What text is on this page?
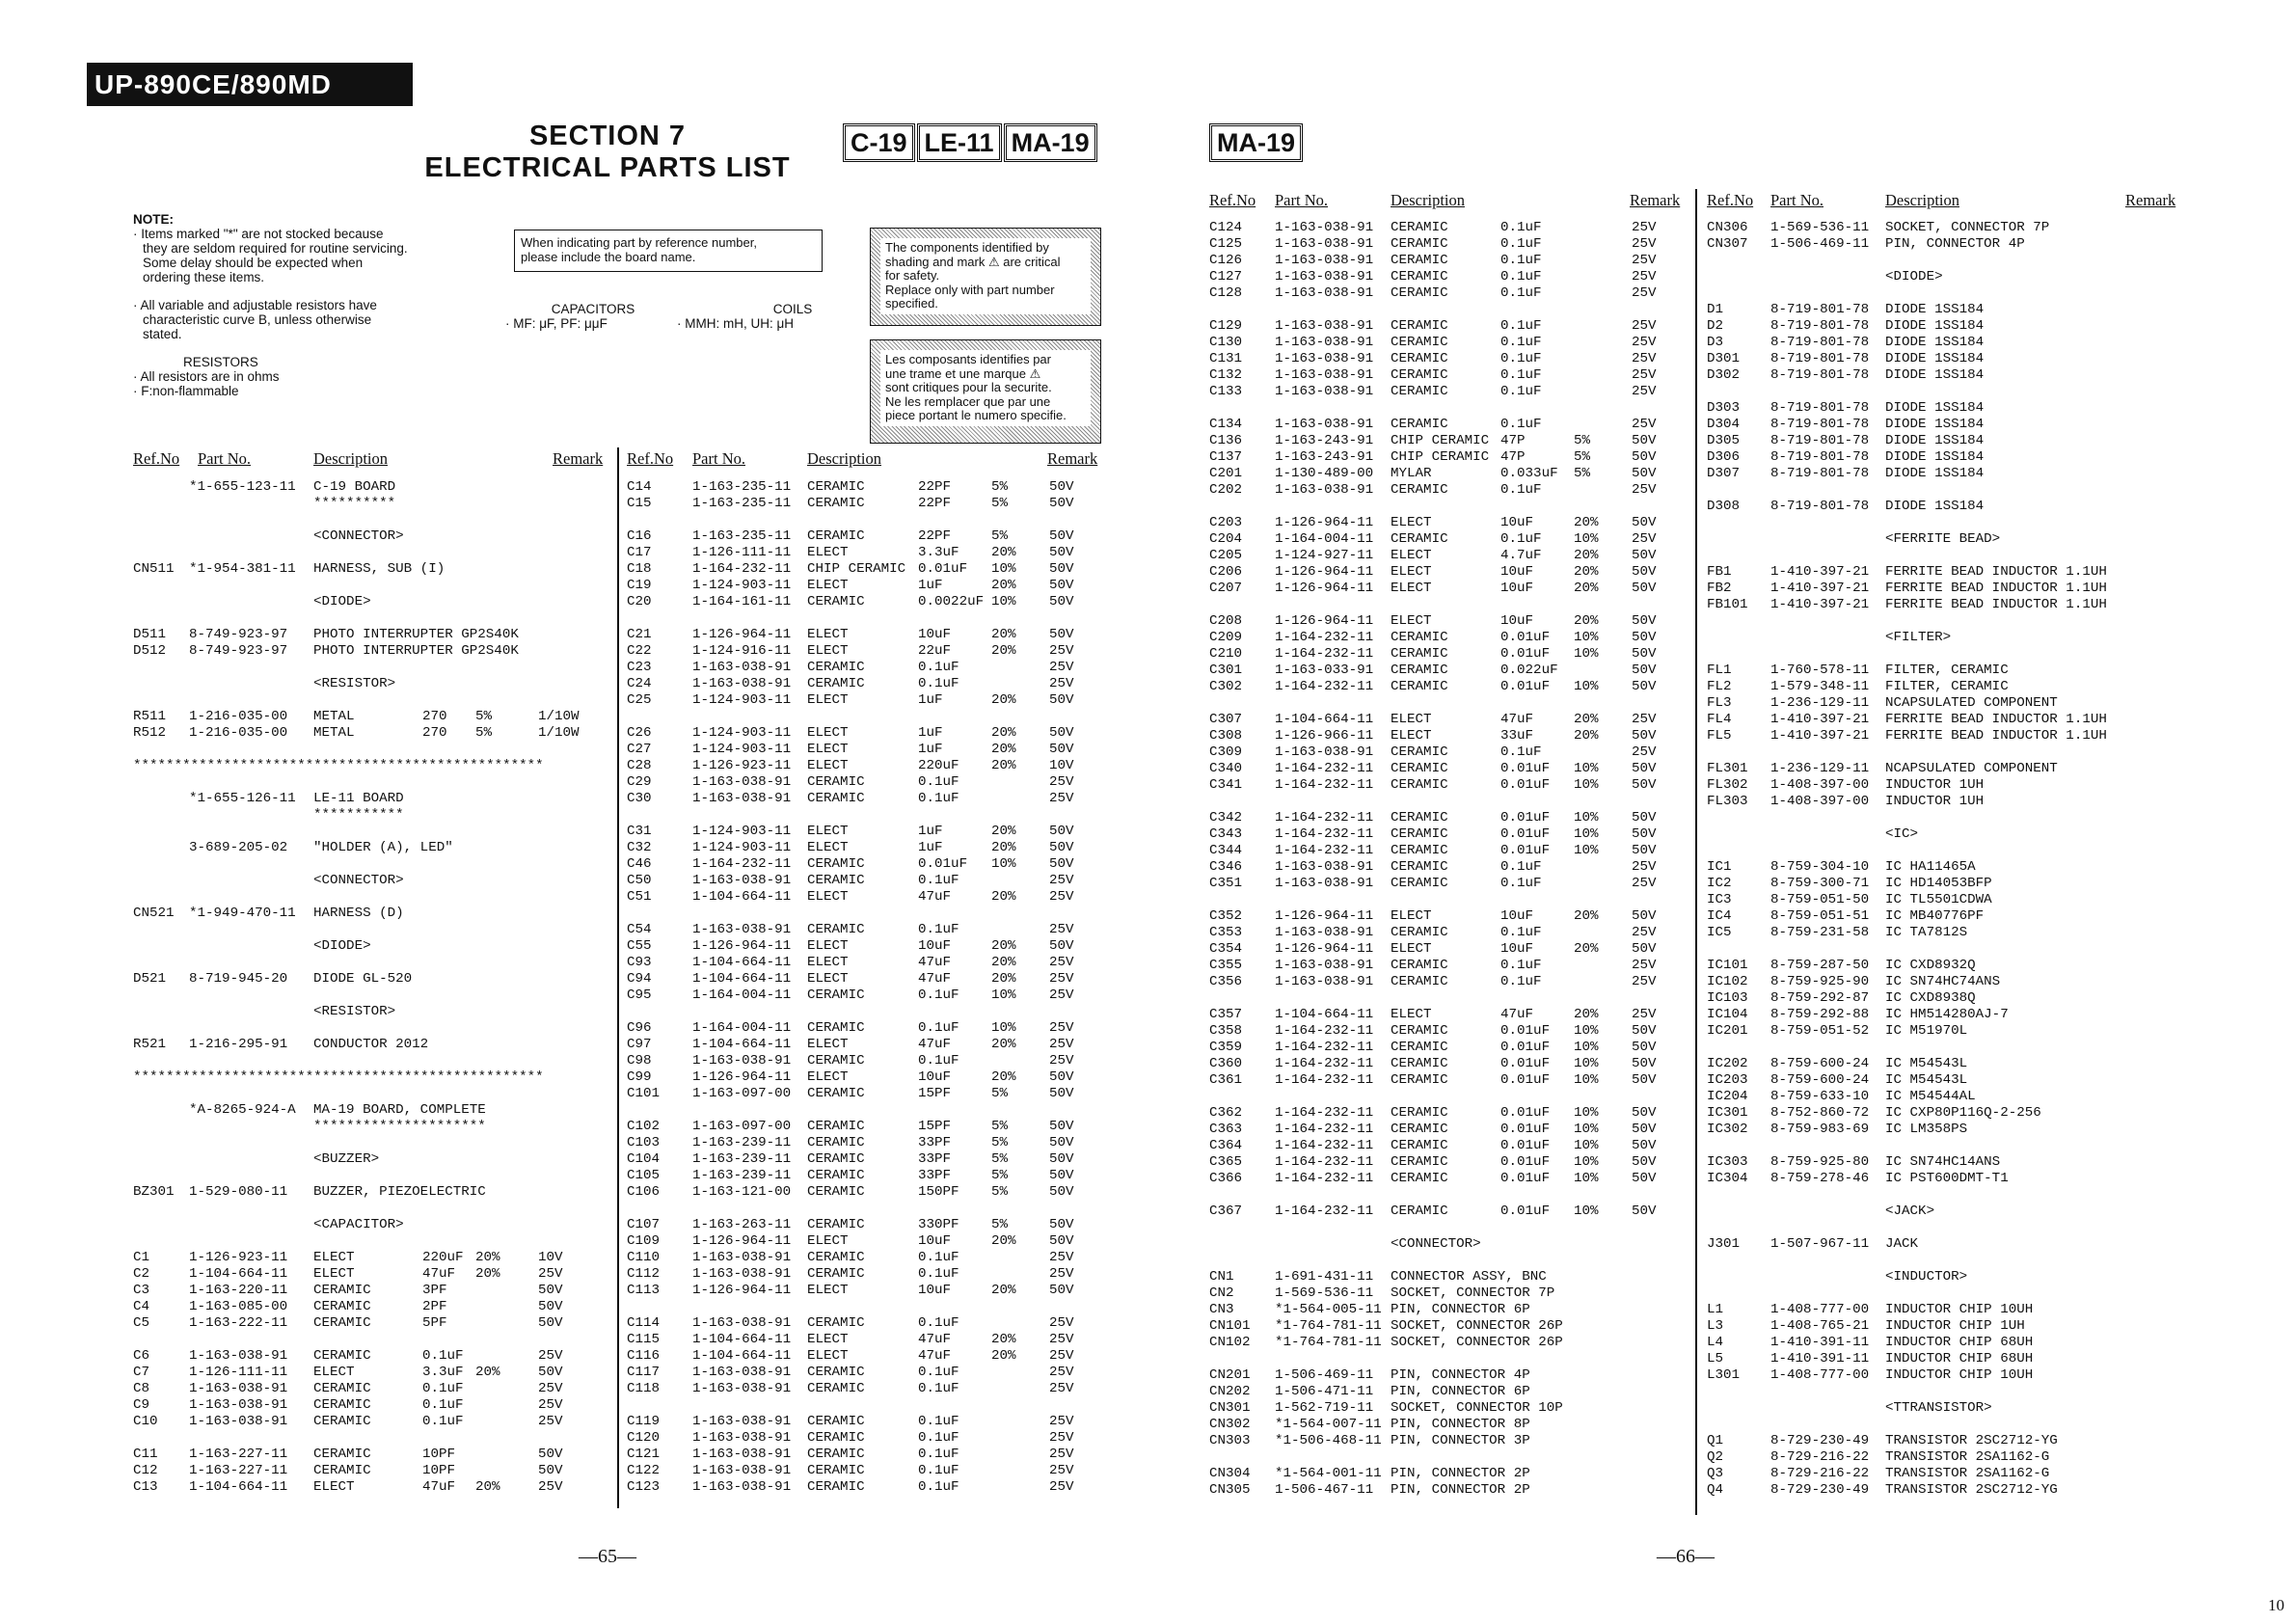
UP-890CE/890MD
SECTION 7
ELECTRICAL PARTS LIST
C-19 LE-11 MA-19	MA-19
NOTE:
· Items marked "*" are not stocked because
they are seldom required for routine servicing.
Some delay should be expected when
ordering these items.
· All variable and adjustable resistors have
characteristic curve B, unless otherwise
stated.
RESISTORS
· All resistors are in ohms
· F:non-flammable
When indicating part by reference number,
please include the board name.
CAPACITORS
· MF: μF, PF: μμF
COILS
· MMH: mH, UH: μH
The components identified by
shading and mark ⚠ are critical
for safety.
Replace only with part number
specified.
Les composants identifies par
une trame et une marque ⚠
sont critiques pour la securite.
Ne les remplacer que par une
piece portant le numero specifie.
Ref.No Part No.	Description	Remark Ref.No Part No.	Description	Remark
Ref.No Part No.	Description	Remark Ref.No Part No.	Description	Remark
*1-655-123-11 C-19 BOARD
**********
<CONNECTOR>
CN511 *1-954-381-11 HARNESS, SUB (I)
<DIODE>
D511 8-749-923-97 PHOTO INTERRUPTER GP2S40K
D512 8-749-923-97 PHOTO INTERRUPTER GP2S40K
<RESISTOR>
R511 1-216-035-00 METAL	270 5%	1/10W
R512 1-216-035-00 METAL	270 5%	1/10W
**************************************************
*1-655-126-11 LE-11 BOARD
***********
3-689-205-02 "HOLDER (A), LED"
<CONNECTOR>
CN521 *1-949-470-11 HARNESS (D)
<DIODE>
D521 8-719-945-20 DIODE GL-520
<RESISTOR>
R521 1-216-295-91 CONDUCTOR 2012
**************************************************
*A-8265-924-A MA-19 BOARD, COMPLETE
*********************
<BUZZER>
BZ301 1-529-080-11 BUZZER, PIEZOELECTRIC
<CAPACITOR>
C1	1-126-923-11 ELECT	220uF 20%	10V
C2	1-104-664-11 ELECT	47uF 20%	25V
C3	1-163-220-11 CERAMIC	3PF	50V
C4	1-163-085-00 CERAMIC	2PF	50V
C5	1-163-222-11 CERAMIC	5PF	50V
C6	1-163-038-91 CERAMIC	0.1uF	25V
C7	1-126-111-11 ELECT	3.3uF 20%	50V
C8	1-163-038-91 CERAMIC	0.1uF	25V
C9	1-163-038-91 CERAMIC	0.1uF	25V
C10 1-163-038-91 CERAMIC	0.1uF	25V
C11 1-163-227-11 CERAMIC	10PF	50V
C12 1-163-227-11 CERAMIC	10PF	50V
C13 1-104-664-11 ELECT	47uF 20%	25V
C14	1-163-235-11 CERAMIC	22PF	5%	50V
C15	1-163-235-11 CERAMIC	22PF	5%	50V
C16	1-163-235-11 CERAMIC	22PF	5%	50V
C17	1-126-111-11 ELECT	3.3uF 20% 50V
C18	1-164-232-11 CHIP CERAMIC 0.01uF 10% 50V
C19	1-124-903-11 ELECT	1uF	20% 50V
C20	1-164-161-11 CERAMIC	0.0022uF 10% 50V
C21	1-126-964-11 ELECT	10uF	20% 50V
C22	1-124-916-11 ELECT	22uF	20% 25V
C23	1-163-038-91 CERAMIC	0.1uF	25V
C24	1-163-038-91 CERAMIC	0.1uF	25V
C25	1-124-903-11 ELECT	1uF	20% 50V
C26	1-124-903-11 ELECT	1uF	20% 50V
C27	1-124-903-11 ELECT	1uF	20% 50V
C28	1-126-923-11 ELECT	220uF 20% 10V
C29	1-163-038-91 CERAMIC	0.1uF	25V
C30	1-163-038-91 CERAMIC	0.1uF	25V
C31	1-124-903-11 ELECT	1uF	20% 50V
C32	1-124-903-11 ELECT	1uF	20% 50V
C46	1-164-232-11 CERAMIC	0.01uF 10% 50V
C50	1-163-038-91 CERAMIC	0.1uF	25V
C51	1-104-664-11 ELECT	47uF	20% 25V
C54	1-163-038-91 CERAMIC	0.1uF	25V
C55	1-126-964-11 ELECT	10uF	20% 50V
C93	1-104-664-11 ELECT	47uF	20% 25V
C94	1-104-664-11 ELECT	47uF	20% 25V
C95	1-164-004-11 CERAMIC	0.1uF 10% 25V
C96	1-164-004-11 CERAMIC	0.1uF 10% 25V
C97	1-104-664-11 ELECT	47uF	20% 25V
C98	1-163-038-91 CERAMIC	0.1uF	25V
C99	1-126-964-11 ELECT	10uF	20% 50V
C101 1-163-097-00 CERAMIC	15PF	5%	50V
C102 1-163-097-00 CERAMIC	15PF	5%	50V
C103 1-163-239-11 CERAMIC	33PF	5%	50V
C104 1-163-239-11 CERAMIC	33PF	5%	50V
C105 1-163-239-11 CERAMIC	33PF	5%	50V
C106 1-163-121-00 CERAMIC	150PF 5%	50V
C107 1-163-263-11 CERAMIC	330PF 5%	50V
C109 1-126-964-11 ELECT	10uF	20% 50V
C110 1-163-038-91 CERAMIC	0.1uF	25V
C112 1-163-038-91 CERAMIC	0.1uF	25V
C113 1-126-964-11 ELECT	10uF	20% 50V
C114 1-163-038-91 CERAMIC	0.1uF	25V
C115 1-104-664-11 ELECT	47uF	20% 25V
C116 1-104-664-11 ELECT	47uF	20% 25V
C117 1-163-038-91 CERAMIC	0.1uF	25V
C118 1-163-038-91 CERAMIC	0.1uF	25V
C119 1-163-038-91 CERAMIC	0.1uF	25V
C120 1-163-038-91 CERAMIC	0.1uF	25V
C121 1-163-038-91 CERAMIC	0.1uF	25V
C122 1-163-038-91 CERAMIC	0.1uF	25V
C123 1-163-038-91 CERAMIC	0.1uF	25V
C124 1-163-038-91 CERAMIC	0.1uF	25V
C125 1-163-038-91 CERAMIC	0.1uF	25V
C126 1-163-038-91 CERAMIC	0.1uF	25V
C127 1-163-038-91 CERAMIC	0.1uF	25V
C128 1-163-038-91 CERAMIC	0.1uF	25V
C129 1-163-038-91 CERAMIC	0.1uF	25V
C130 1-163-038-91 CERAMIC	0.1uF	25V
C131 1-163-038-91 CERAMIC	0.1uF	25V
C132 1-163-038-91 CERAMIC	0.1uF	25V
C133 1-163-038-91 CERAMIC	0.1uF	25V
C134 1-163-038-91 CERAMIC	0.1uF	25V
C136 1-163-243-91 CHIP CERAMIC 47P	5%	50V
C137 1-163-243-91 CHIP CERAMIC 47P	5%	50V
C201 1-130-489-00 MYLAR	0.033uF 5%	50V
C202 1-163-038-91 CERAMIC	0.1uF	25V
C203 1-126-964-11 ELECT	10uF	20% 50V
C204 1-164-004-11 CERAMIC	0.1uF 10% 25V
C205 1-124-927-11 ELECT	4.7uF 20% 50V
C206 1-126-964-11 ELECT	10uF	20% 50V
C207 1-126-964-11 ELECT	10uF	20% 50V
C208 1-126-964-11 ELECT	10uF	20% 50V
C209 1-164-232-11 CERAMIC	0.01uF 10% 50V
C210 1-164-232-11 CERAMIC	0.01uF 10% 50V
C301 1-163-033-91 CERAMIC	0.022uF	50V
C302 1-164-232-11 CERAMIC	0.01uF 10% 50V
C307 1-104-664-11 ELECT	47uF	20% 25V
C308 1-126-966-11 ELECT	33uF	20% 50V
C309 1-163-038-91 CERAMIC	0.1uF	25V
C340 1-164-232-11 CERAMIC	0.01uF 10% 50V
C341 1-164-232-11 CERAMIC	0.01uF 10% 50V
C342 1-164-232-11 CERAMIC	0.01uF 10% 50V
C343 1-164-232-11 CERAMIC	0.01uF 10% 50V
C344 1-164-232-11 CERAMIC	0.01uF 10% 50V
C346 1-163-038-91 CERAMIC	0.1uF	25V
C351 1-163-038-91 CERAMIC	0.1uF	25V
C352 1-126-964-11 ELECT	10uF	20% 50V
C353 1-163-038-91 CERAMIC	0.1uF	25V
C354 1-126-964-11 ELECT	10uF	20% 50V
C355 1-163-038-91 CERAMIC	0.1uF	25V
C356 1-163-038-91 CERAMIC	0.1uF	25V
C357 1-104-664-11 ELECT	47uF	20% 25V
C358 1-164-232-11 CERAMIC	0.01uF 10% 50V
C359 1-164-232-11 CERAMIC	0.01uF 10% 50V
C360 1-164-232-11 CERAMIC	0.01uF 10% 50V
C361 1-164-232-11 CERAMIC	0.01uF 10% 50V
C362 1-164-232-11 CERAMIC	0.01uF 10% 50V
C363 1-164-232-11 CERAMIC	0.01uF 10% 50V
C364 1-164-232-11 CERAMIC	0.01uF 10% 50V
C365 1-164-232-11 CERAMIC	0.01uF 10% 50V
C366 1-164-232-11 CERAMIC	0.01uF 10% 50V
C367 1-164-232-11 CERAMIC	0.01uF 10% 50V
<CONNECTOR>
CN1	1-691-431-11 CONNECTOR ASSY, BNC
CN2	1-569-536-11 SOCKET, CONNECTOR 7P
CN3	*1-564-005-11 PIN, CONNECTOR 6P
CN101 *1-764-781-11 SOCKET, CONNECTOR 26P
CN102 *1-764-781-11 SOCKET, CONNECTOR 26P
CN201 1-506-469-11 PIN, CONNECTOR 4P
CN202 1-506-471-11 PIN, CONNECTOR 6P
CN301 1-562-719-11 SOCKET, CONNECTOR 10P
CN302 *1-564-007-11 PIN, CONNECTOR 8P
CN303 *1-506-468-11 PIN, CONNECTOR 3P
CN304 *1-564-001-11 PIN, CONNECTOR 2P
CN305 1-506-467-11 PIN, CONNECTOR 2P
CN306 1-569-536-11 SOCKET, CONNECTOR 7P
CN307 1-506-469-11 PIN, CONNECTOR 4P
<DIODE>
D1	8-719-801-78 DIODE 1SS184
D2	8-719-801-78 DIODE 1SS184
D3	8-719-801-78 DIODE 1SS184
D301 8-719-801-78 DIODE 1SS184
D302 8-719-801-78 DIODE 1SS184
D303 8-719-801-78 DIODE 1SS184
D304 8-719-801-78 DIODE 1SS184
D305 8-719-801-78 DIODE 1SS184
D306 8-719-801-78 DIODE 1SS184
D307 8-719-801-78 DIODE 1SS184
D308 8-719-801-78 DIODE 1SS184
<FERRITE BEAD>
FB1	1-410-397-21 FERRITE BEAD INDUCTOR 1.1UH
FB2	1-410-397-21 FERRITE BEAD INDUCTOR 1.1UH
FB101 1-410-397-21 FERRITE BEAD INDUCTOR 1.1UH
<FILTER>
FL1	1-760-578-11 FILTER, CERAMIC
FL2	1-579-348-11 FILTER, CERAMIC
FL3	1-236-129-11 NCAPSULATED COMPONENT
FL4	1-410-397-21 FERRITE BEAD INDUCTOR 1.1UH
FL5	1-410-397-21 FERRITE BEAD INDUCTOR 1.1UH
FL301 1-236-129-11 NCAPSULATED COMPONENT
FL302 1-408-397-00 INDUCTOR 1UH
FL303 1-408-397-00 INDUCTOR 1UH
<IC>
IC1	8-759-304-10 IC HA11465A
IC2	8-759-300-71 IC HD14053BFP
IC3	8-759-051-50 IC TL5501CDWA
IC4	8-759-051-51 IC MB40776PF
IC5	8-759-231-58 IC TA7812S
IC101 8-759-287-50 IC CXD8932Q
IC102 8-759-925-90 IC SN74HC74ANS
IC103 8-759-292-87 IC CXD8938Q
IC104 8-759-292-88 IC HM514280AJ-7
IC201 8-759-051-52 IC M51970L
IC202 8-759-600-24 IC M54543L
IC203 8-759-600-24 IC M54543L
IC204 8-759-633-10 IC M54544AL
IC301 8-752-860-72 IC CXP80P116Q-2-256
IC302 8-759-983-69 IC LM358PS
IC303 8-759-925-80 IC SN74HC14ANS
IC304 8-759-278-46 IC PST600DMT-T1
<JACK>
J301 1-507-967-11 JACK
<INDUCTOR>
L1	1-408-777-00 INDUCTOR CHIP 10UH
L3	1-408-765-21 INDUCTOR CHIP 1UH
L4	1-410-391-11 INDUCTOR CHIP 68UH
L5	1-410-391-11 INDUCTOR CHIP 68UH
L301 1-408-777-00 INDUCTOR CHIP 10UH
<TTRANSISTOR>
Q1	8-729-230-49 TRANSISTOR 2SC2712-YG
Q2	8-729-216-22 TRANSISTOR 2SA1162-G
Q3	8-729-216-22 TRANSISTOR 2SA1162-G
Q4	8-729-230-49 TRANSISTOR 2SC2712-YG
—65—	—66—
10
